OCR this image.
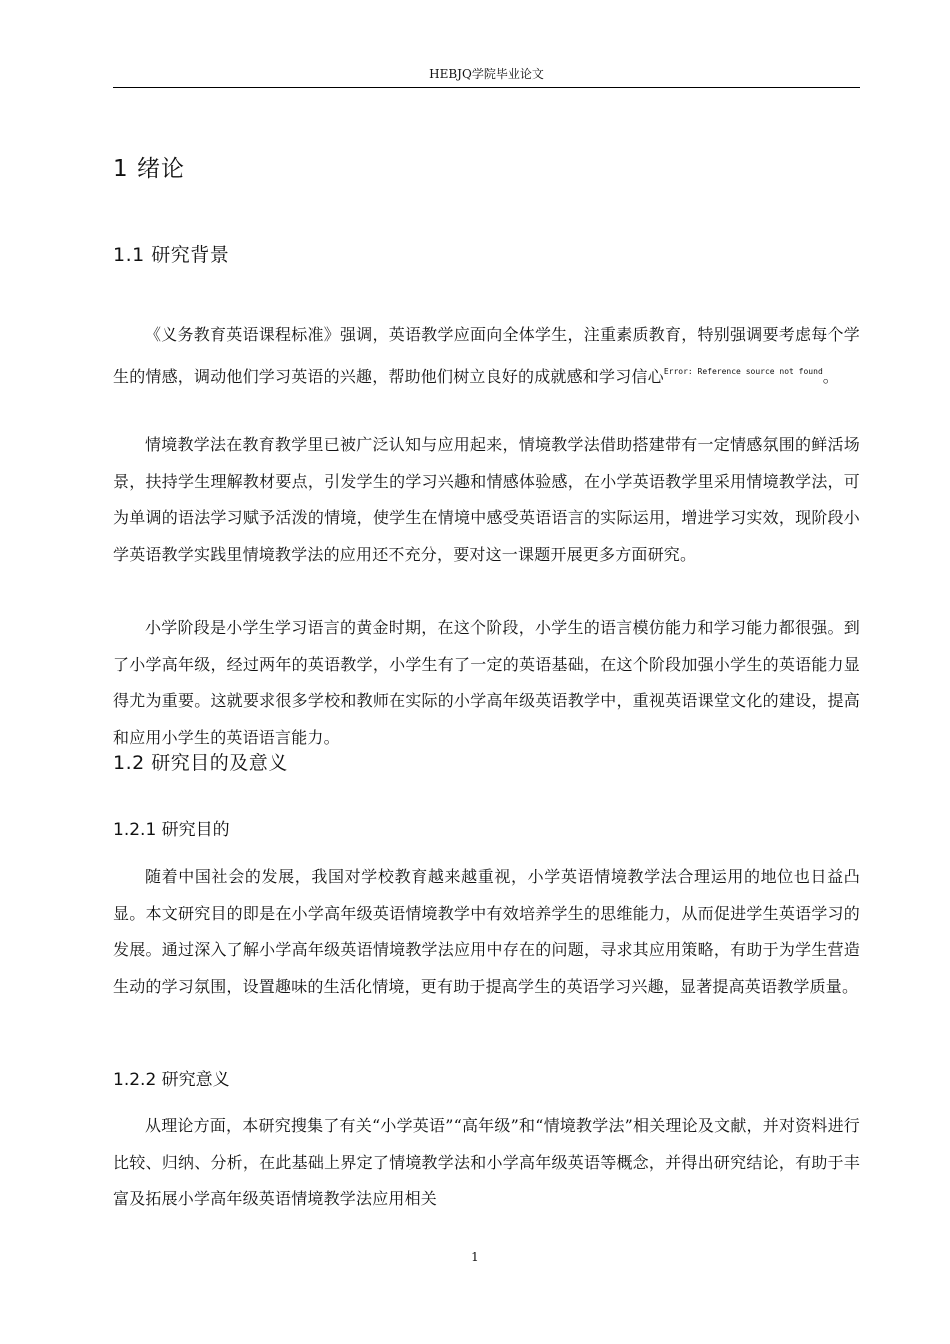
HEBJQ学院毕业论文
1 绪论
1.1 研究背景

《义务教育英语课程标准》强调，英语教学应面向全体学生，注重素质教育，特别强调要考虑每个学生的情感，调动他们学习英语的兴趣，帮助他们树立良好的成就感和学习信心$^{Error: Reference source not found}$。

情境教学法在教育教学里已被广泛认知与应用起来，情境教学法借助搭建带有一定情感氛围的鲜活场景，扶持学生理解教材要点，引发学生的学习兴趣和情感体验感，在小学英语教学里采用情境教学法，可为单调的语法学习赋予活泼的情境，使学生在情境中感受英语语言的实际运用，增进学习实效，现阶段小学英语教学实践里情境教学法的应用还不充分，要对这一课题开展更多方面研究。

小学阶段是小学生学习语言的黄金时期，在这个阶段，小学生的语言模仿能力和学习能力都很强。到了小学高年级，经过两年的英语教学，小学生有了一定的英语基础，在这个阶段加强小学生的英语能力显得尤为重要。这就要求很多学校和教师在实际的小学高年级英语教学中，重视英语课堂文化的建设，提高和应用小学生的英语语言能力。

1.2 研究目的及意义
1.2.1 研究目的

随着中国社会的发展，我国对学校教育越来越重视，小学英语情境教学法合理运用的地位也日益凸显。本文研究目的即是在小学高年级英语情境教学中有效培养学生的思维能力，从而促进学生英语学习的发展。通过深入了解小学高年级英语情境教学法应用中存在的问题，寻求其应用策略，有助于为学生营造生动的学习氛围，设置趣味的生活化情境，更有助于提高学生的英语学习兴趣，显著提高英语教学质量。

1.2.2 研究意义

从理论方面，本研究搜集了有关“小学英语”“高年级”和“情境教学法”相关理论及文献，并对资料进行比较、归纳、分析，在此基础上界定了情境教学法和小学高年级英语等概念，并得出研究结论，有助于丰富及拓展小学高年级英语情境教学法应用相关

1
